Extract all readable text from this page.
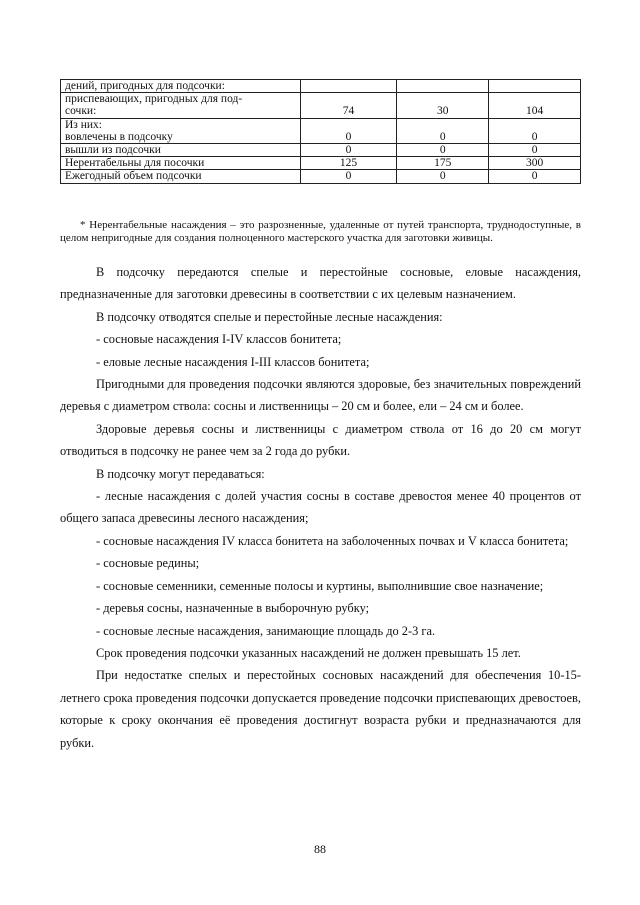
дений, пригодных для подсочки:			

приспевающих, пригодных для под-
сочки:	74	30	104

Из них:
вовлечены в подсочку	0	0	0

вышли из подсочки	0	0	0

Нерентабельны для посочки	125	175	300

Ежегодный объем подсочки	0	0	0

* Нерентабельные насаждения – это разрозненные, удаленные от путей транспорта, труднодоступные, в целом непригодные для создания полноценного мастерского участка для заготовки живицы.

В подсочку передаются спелые и перестойные сосновые, еловые насаждения, предназначенные для заготовки древесины в соответствии с их целевым назначением.

В подсочку отводятся спелые и перестойные лесные насаждения:

- сосновые насаждения I-IV классов бонитета;

- еловые лесные насаждения I-III классов бонитета;

Пригодными для проведения подсочки являются здоровые, без значительных повреждений деревья с диаметром ствола: сосны и лиственницы – 20 см и более, ели – 24 см и более.

Здоровые деревья сосны и лиственницы с диаметром ствола от 16 до 20 см могут отводиться в подсочку не ранее чем за 2 года до рубки.

В подсочку могут передаваться:

- лесные насаждения с долей участия сосны в составе древостоя менее 40 процентов от общего запаса древесины лесного насаждения;

- сосновые насаждения IV класса бонитета на заболоченных почвах и V класса бонитета;

- сосновые редины;

- сосновые семенники, семенные полосы и куртины, выполнившие свое назначение;

- деревья сосны, назначенные в выборочную рубку;

- сосновые лесные насаждения, занимающие площадь до 2-3 га.

Срок проведения подсочки указанных насаждений не должен превышать 15 лет.

При недостатке спелых и перестойных сосновых насаждений для обеспечения 10-15-летнего срока проведения подсочки допускается проведение подсочки приспевающих древостоев, которые к сроку окончания её проведения достигнут возраста рубки и предназначаются для рубки.

88
